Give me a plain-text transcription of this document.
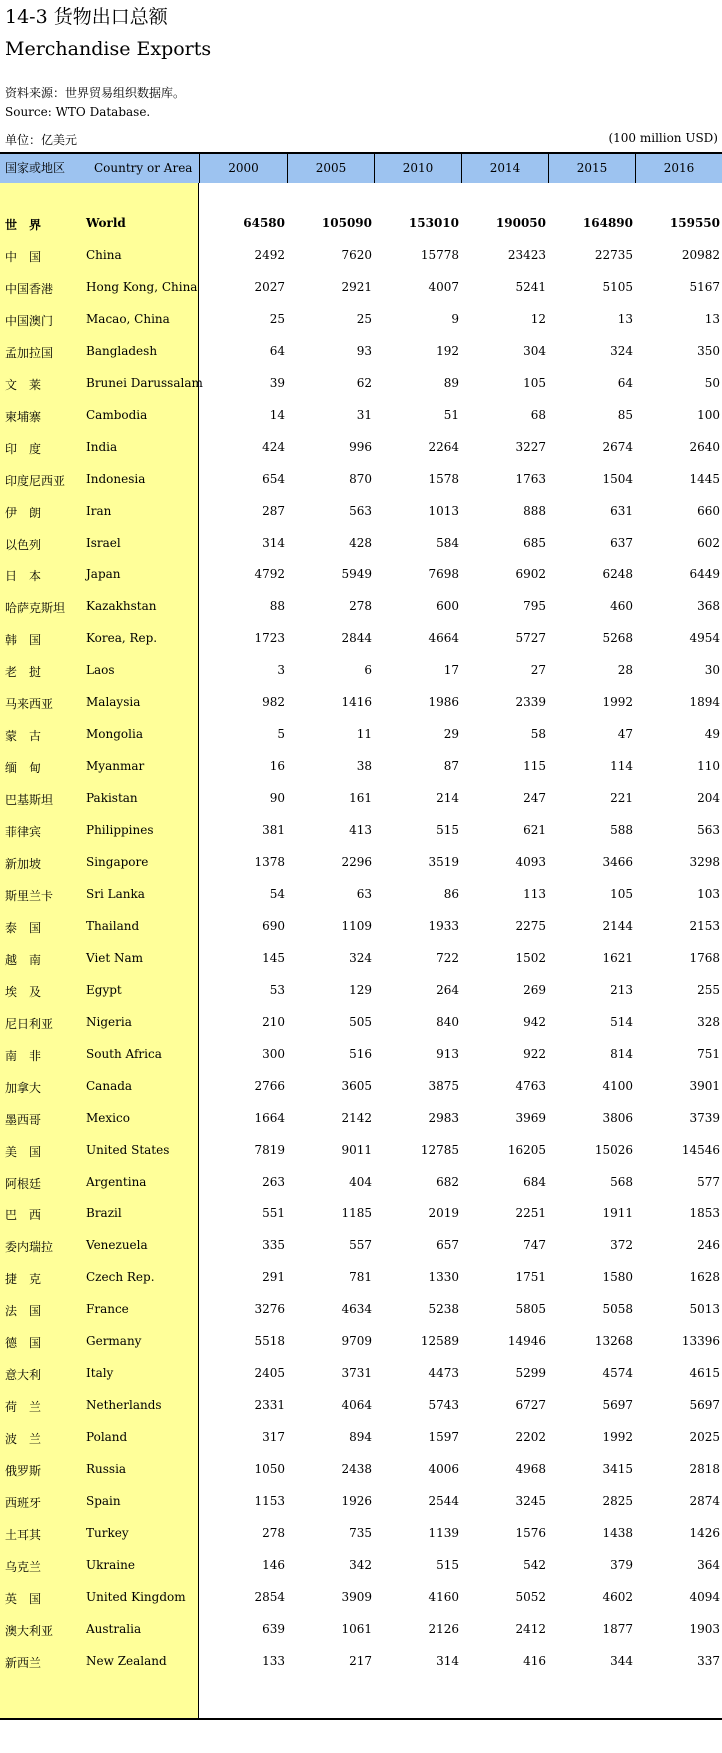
14-3 货物出口总额
Merchandise Exports
资料来源：世界贸易组织数据库。
Source: WTO Database.
单位：亿美元	(100 million USD)
国家或地区 Country or Area	2000	2005	2010	2014	2015	2016
世　界	World	64580	105090	153010	190050	164890	159550
中　国	China	2492	7620	15778	23423	22735	20982
中国香港	Hong Kong, China	2027	2921	4007	5241	5105	5167
中国澳门	Macao, China	25	25	9	12	13	13
孟加拉国	Bangladesh	64	93	192	304	324	350
文　莱	Brunei Darussalam	39	62	89	105	64	50
柬埔寨	Cambodia	14	31	51	68	85	100
印　度	India	424	996	2264	3227	2674	2640
印度尼西亚 Indonesia	654	870	1578	1763	1504	1445
伊　朗	Iran	287	563	1013	888	631	660
以色列	Israel	314	428	584	685	637	602
日　本	Japan	4792	5949	7698	6902	6248	6449
哈萨克斯坦 Kazakhstan	88	278	600	795	460	368
韩　国	Korea, Rep.	1723	2844	4664	5727	5268	4954
老　挝	Laos	3	6	17	27	28	30
马来西亚	Malaysia	982	1416	1986	2339	1992	1894
蒙　古	Mongolia	5	11	29	58	47	49
缅　甸	Myanmar	16	38	87	115	114	110
巴基斯坦	Pakistan	90	161	214	247	221	204
菲律宾	Philippines	381	413	515	621	588	563
新加坡	Singapore	1378	2296	3519	4093	3466	3298
斯里兰卡	Sri Lanka	54	63	86	113	105	103
泰　国	Thailand	690	1109	1933	2275	2144	2153
越　南	Viet Nam	145	324	722	1502	1621	1768
埃　及	Egypt	53	129	264	269	213	255
尼日利亚	Nigeria	210	505	840	942	514	328
南　非	South Africa	300	516	913	922	814	751
加拿大	Canada	2766	3605	3875	4763	4100	3901
墨西哥	Mexico	1664	2142	2983	3969	3806	3739
美　国	United States	7819	9011	12785	16205	15026	14546
阿根廷	Argentina	263	404	682	684	568	577
巴　西	Brazil	551	1185	2019	2251	1911	1853
委内瑞拉	Venezuela	335	557	657	747	372	246
捷　克	Czech Rep.	291	781	1330	1751	1580	1628
法　国	France	3276	4634	5238	5805	5058	5013
德　国	Germany	5518	9709	12589	14946	13268	13396
意大利	Italy	2405	3731	4473	5299	4574	4615
荷　兰	Netherlands	2331	4064	5743	6727	5697	5697
波　兰	Poland	317	894	1597	2202	1992	2025
俄罗斯	Russia	1050	2438	4006	4968	3415	2818
西班牙	Spain	1153	1926	2544	3245	2825	2874
土耳其	Turkey	278	735	1139	1576	1438	1426
乌克兰	Ukraine	146	342	515	542	379	364
英　国	United Kingdom	2854	3909	4160	5052	4602	4094
澳大利亚	Australia	639	1061	2126	2412	1877	1903
新西兰	New Zealand	133	217	314	416	344	337
